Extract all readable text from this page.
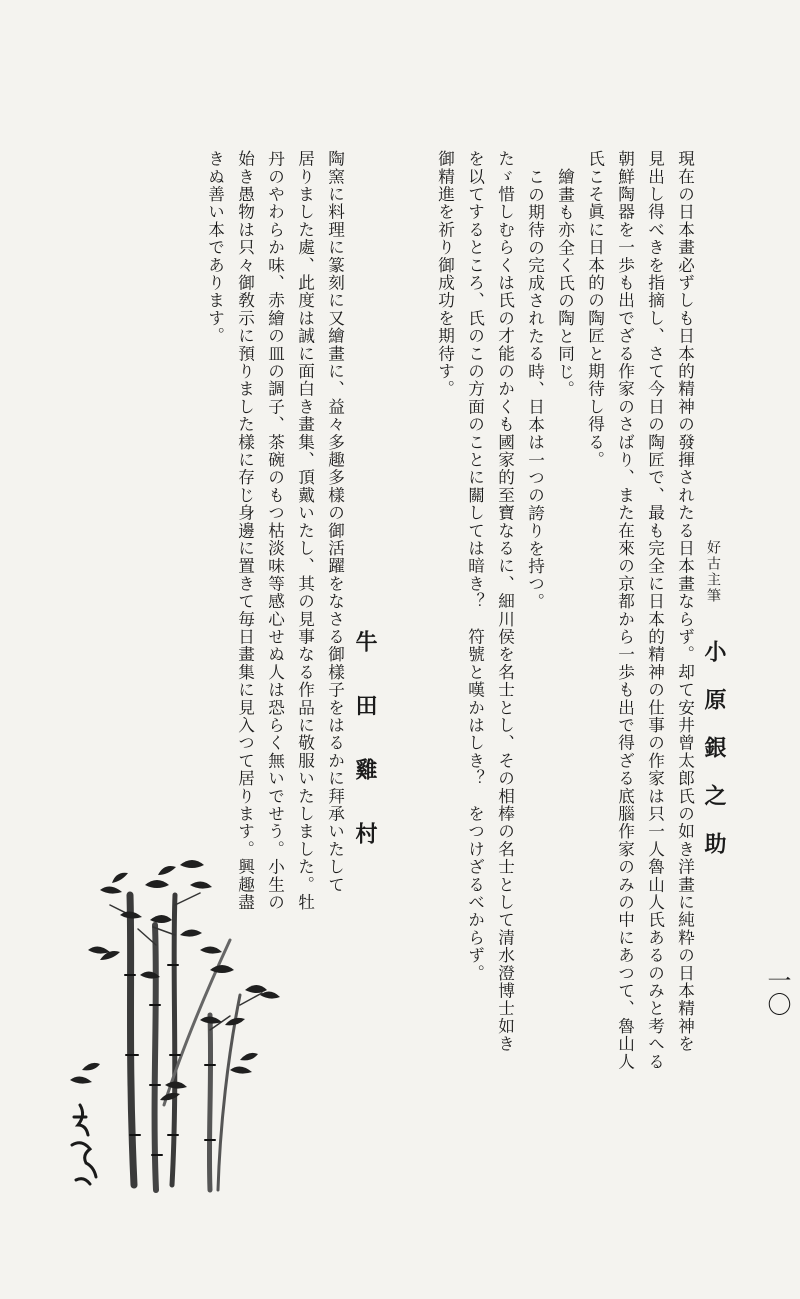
好古主筆
小原銀之助
現在の日本畫必ずしも日本的精神の發揮されたる日本畫ならず。却て安井曾太郎氏の如き洋畫に純粋の日本精神を
見出し得べきを指摘し、さて今日の陶匠で、最も完全に日本的精神の仕事の作家は只一人魯山人氏あるのみと考へる
朝鮮陶器を一歩も出でざる作家のさばり、また在來の京都から一歩も出で得ざる底腦作家のみの中にあつて、魯山人
氏こそ眞に日本的の陶匠と期待し得る。
繪畫も亦全く氏の陶と同じ。
この期待の完成されたる時、日本は一つの誇りを持つ。
たゞ惜しむらくは氏の才能のかくも國家的至寶なるに、細川侯を名士とし、その相棒の名士として清水澄博士如き
を以てするところ、氏のこの方面のことに關しては暗き？　符號と嘆かはしき？　をつけざるべからず。
御精進を祈り御成功を期待す。
牛田雞村
陶窯に料理に篆刻に又繪畫に、益々多趣多樣の御活躍をなさる御樣子をはるかに拜承いたして
居りました處、此度は誠に面白き畫集、頂戴いたし、其の見事なる作品に敬服いたしました。牡
丹のやわらか味、赤繪の皿の調子、茶碗のもつ枯淡味等感心せぬ人は恐らく無いでせう。小生の
始き愚物は只々御敎示に預りました樣に存じ身邊に置きて毎日畫集に見入つて居ります。興趣盡
きぬ善い本であります。
一〇
